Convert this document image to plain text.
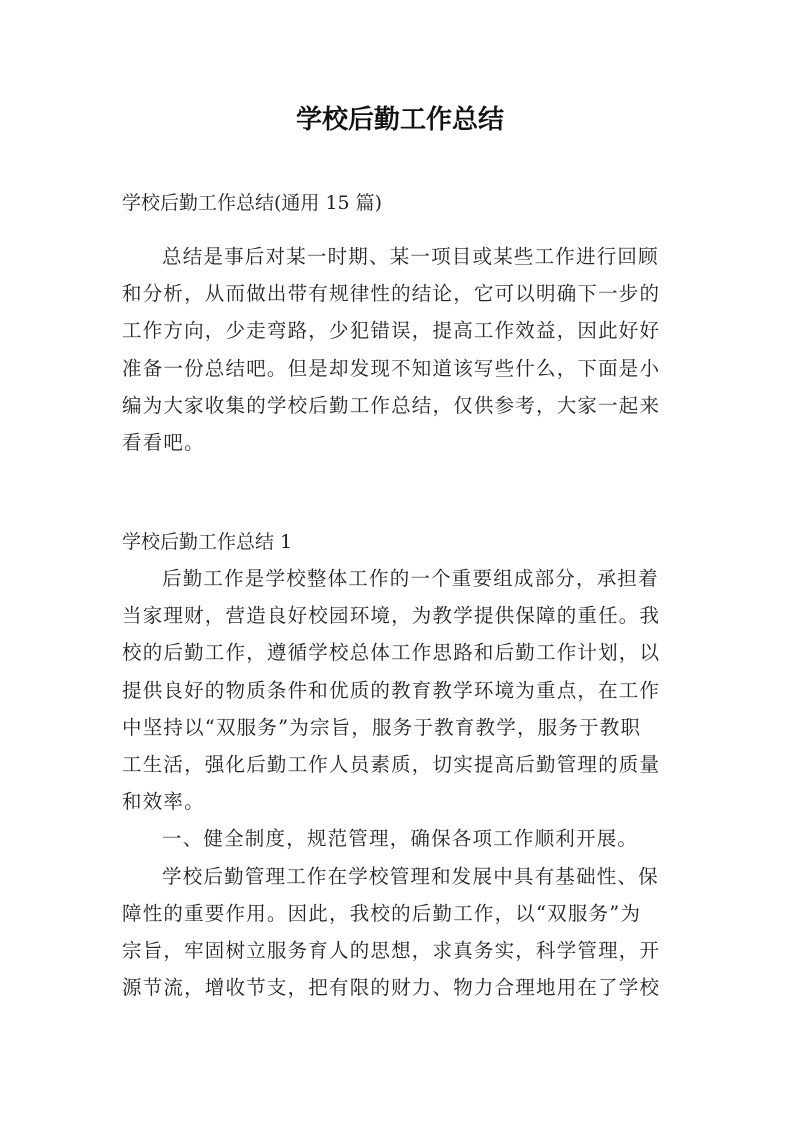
学校后勤工作总结
学校后勤工作总结(通用 15 篇)
总结是事后对某一时期、某一项目或某些工作进行回顾
和分析，从而做出带有规律性的结论，它可以明确下一步的
工作方向，少走弯路，少犯错误，提高工作效益，因此好好
准备一份总结吧。但是却发现不知道该写些什么，下面是小
编为大家收集的学校后勤工作总结，仅供参考，大家一起来
看看吧。
学校后勤工作总结 1
后勤工作是学校整体工作的一个重要组成部分，承担着
当家理财，营造良好校园环境，为教学提供保障的重任。我
校的后勤工作，遵循学校总体工作思路和后勤工作计划，以
提供良好的物质条件和优质的教育教学环境为重点，在工作
中坚持以“双服务”为宗旨，服务于教育教学，服务于教职
工生活，强化后勤工作人员素质，切实提高后勤管理的质量
和效率。
一、健全制度，规范管理，确保各项工作顺利开展。
学校后勤管理工作在学校管理和发展中具有基础性、保
障性的重要作用。因此，我校的后勤工作，以“双服务”为
宗旨，牢固树立服务育人的思想，求真务实，科学管理，开
源节流，增收节支，把有限的财力、物力合理地用在了学校
